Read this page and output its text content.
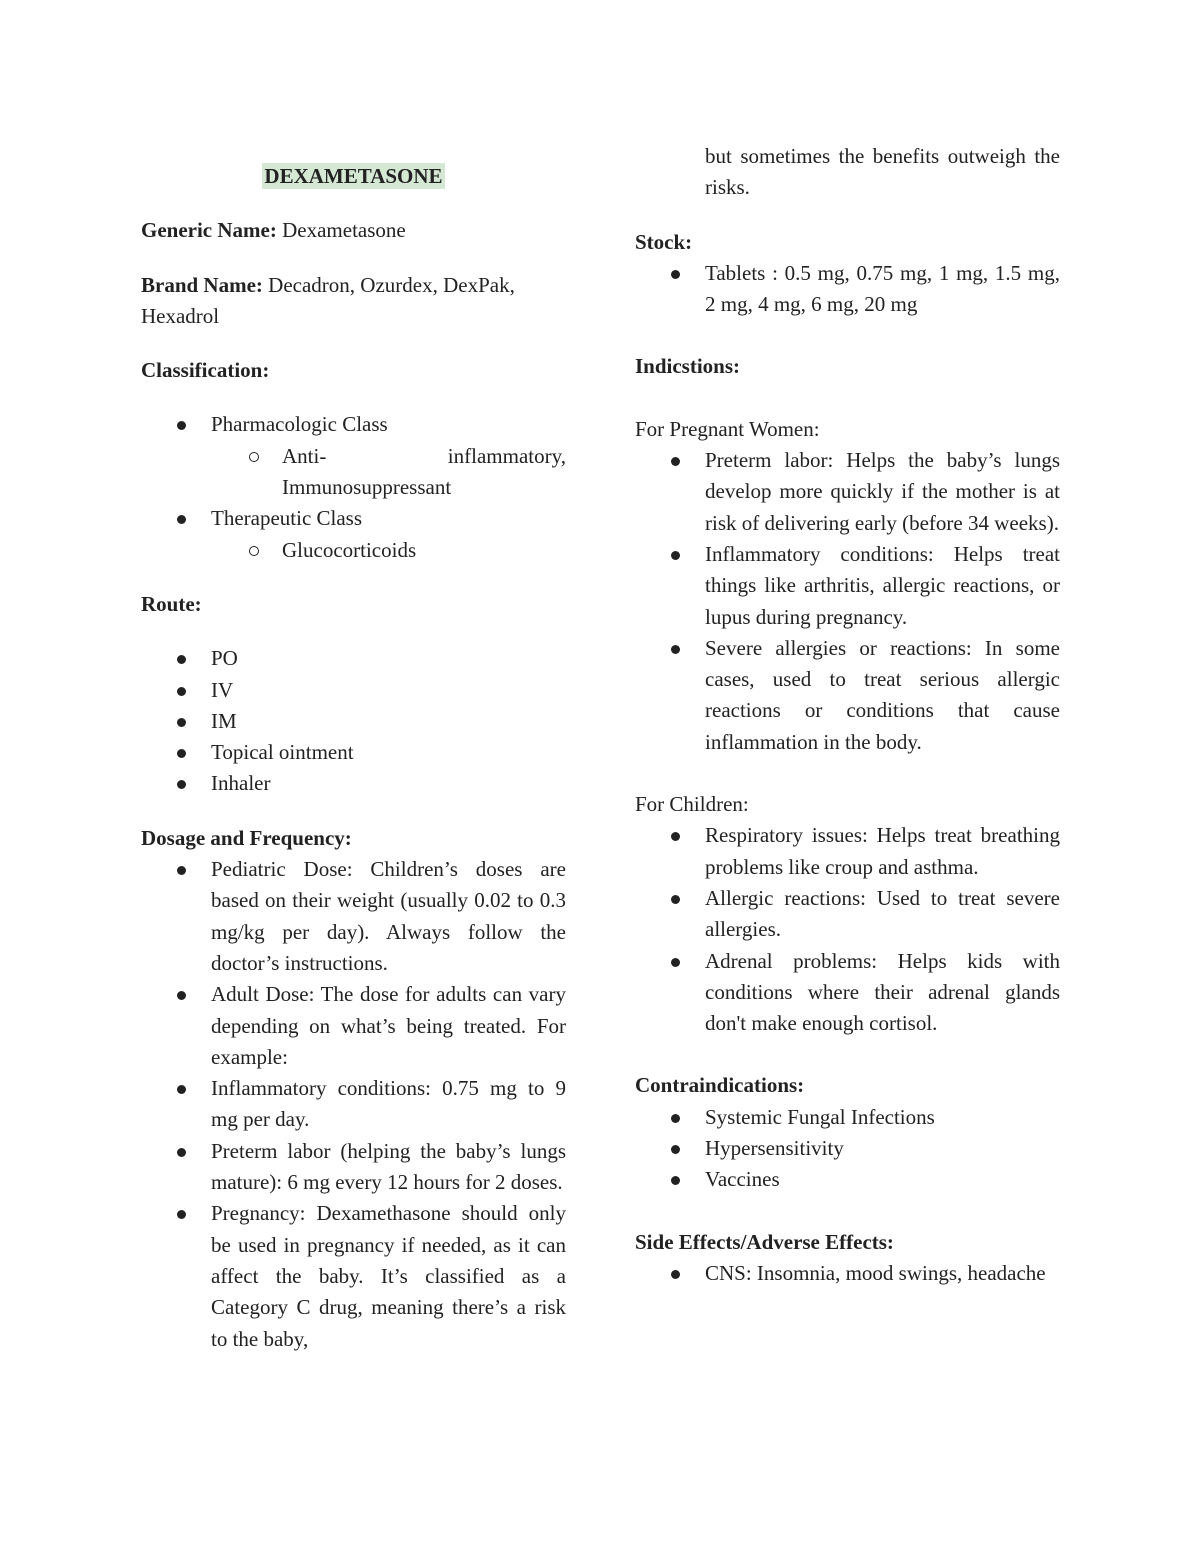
DEXAMETASONE

Generic Name: Dexametasone

Brand Name: Decadron, Ozurdex, DexPak, Hexadrol

Classification:

Pharmacologic Class
Anti- inflammatory, Immunosuppressant
Therapeutic Class
Glucocorticoids

Route:

PO
IV
IM
Topical ointment
Inhaler

Dosage and Frequency:

Pediatric Dose: Children’s doses are based on their weight (usually 0.02 to 0.3 mg/kg per day). Always follow the doctor’s instructions.
Adult Dose: The dose for adults can vary depending on what’s being treated. For example:
Inflammatory conditions: 0.75 mg to 9 mg per day.
Preterm labor (helping the baby’s lungs mature): 6 mg every 12 hours for 2 doses.
Pregnancy: Dexamethasone should only be used in pregnancy if needed, as it can affect the baby. It’s classified as a Category C drug, meaning there’s a risk to the baby,
but sometimes the benefits outweigh the risks.

Stock:

Tablets : 0.5 mg, 0.75 mg, 1 mg, 1.5 mg, 2 mg, 4 mg, 6 mg, 20 mg

Indicstions:

For Pregnant Women:

Preterm labor: Helps the baby’s lungs develop more quickly if the mother is at risk of delivering early (before 34 weeks).
Inflammatory conditions: Helps treat things like arthritis, allergic reactions, or lupus during pregnancy.
Severe allergies or reactions: In some cases, used to treat serious allergic reactions or conditions that cause inflammation in the body.

For Children:

Respiratory issues: Helps treat breathing problems like croup and asthma.
Allergic reactions: Used to treat severe allergies.
Adrenal problems: Helps kids with conditions where their adrenal glands don't make enough cortisol.

Contraindications:

Systemic Fungal Infections
Hypersensitivity
Vaccines

Side Effects/Adverse Effects:

CNS: Insomnia, mood swings, headache
